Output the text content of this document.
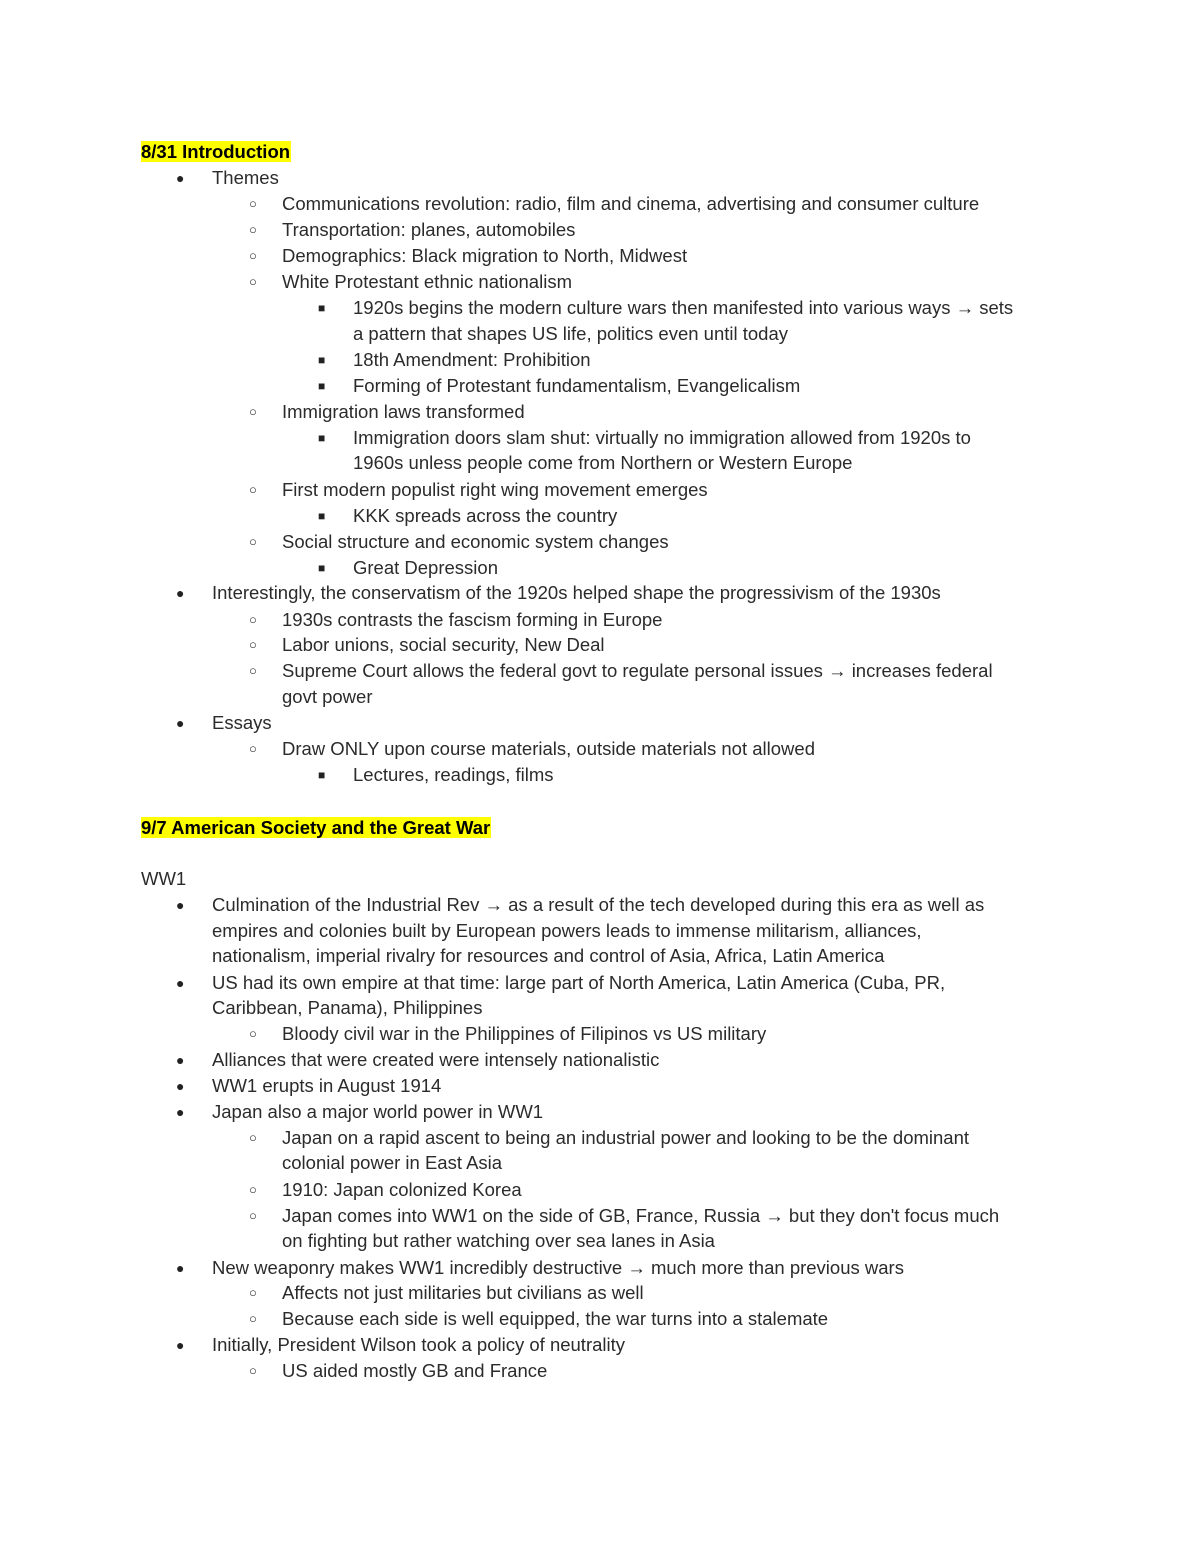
8/31 Introduction
● Themes
○ Communications revolution: radio, film and cinema, advertising and consumer culture
○ Transportation: planes, automobiles
○ Demographics: Black migration to North, Midwest
○ White Protestant ethnic nationalism
■ 1920s begins the modern culture wars then manifested into various ways → sets
a pattern that shapes US life, politics even until today
■ 18th Amendment: Prohibition
■ Forming of Protestant fundamentalism, Evangelicalism
○ Immigration laws transformed
■ Immigration doors slam shut: virtually no immigration allowed from 1920s to
1960s unless people come from Northern or Western Europe
○ First modern populist right wing movement emerges
■ KKK spreads across the country
○ Social structure and economic system changes
■ Great Depression
● Interestingly, the conservatism of the 1920s helped shape the progressivism of the 1930s
○ 1930s contrasts the fascism forming in Europe
○ Labor unions, social security, New Deal
○ Supreme Court allows the federal govt to regulate personal issues → increases federal
govt power
● Essays
○ Draw ONLY upon course materials, outside materials not allowed
■ Lectures, readings, films
9/7 American Society and the Great War
WW1
● Culmination of the Industrial Rev → as a result of the tech developed during this era as well as
empires and colonies built by European powers leads to immense militarism, alliances,
nationalism, imperial rivalry for resources and control of Asia, Africa, Latin America
● US had its own empire at that time: large part of North America, Latin America (Cuba, PR,
Caribbean, Panama), Philippines
○ Bloody civil war in the Philippines of Filipinos vs US military
● Alliances that were created were intensely nationalistic
● WW1 erupts in August 1914
● Japan also a major world power in WW1
○ Japan on a rapid ascent to being an industrial power and looking to be the dominant
colonial power in East Asia
○ 1910: Japan colonized Korea
○ Japan comes into WW1 on the side of GB, France, Russia → but they don't focus much
on fighting but rather watching over sea lanes in Asia
● New weaponry makes WW1 incredibly destructive → much more than previous wars
○ Affects not just militaries but civilians as well
○ Because each side is well equipped, the war turns into a stalemate
● Initially, President Wilson took a policy of neutrality
○ US aided mostly GB and France
